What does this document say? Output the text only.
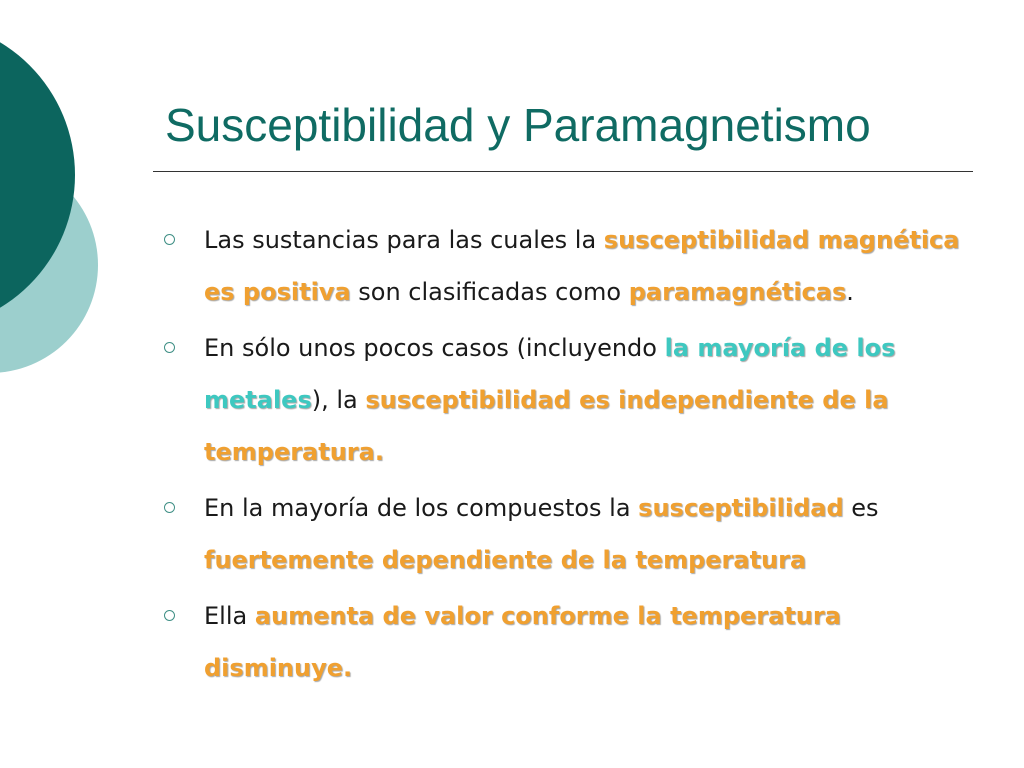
Susceptibilidad y Paramagnetismo
Las sustancias para las cuales la susceptibilidad magnética es positiva son clasificadas como paramagnéticas.
En sólo unos pocos casos (incluyendo la mayoría de los metales), la susceptibilidad es independiente de la temperatura.
En la mayoría de los compuestos la susceptibilidad es fuertemente dependiente de la temperatura
Ella aumenta de valor conforme la temperatura disminuye.
